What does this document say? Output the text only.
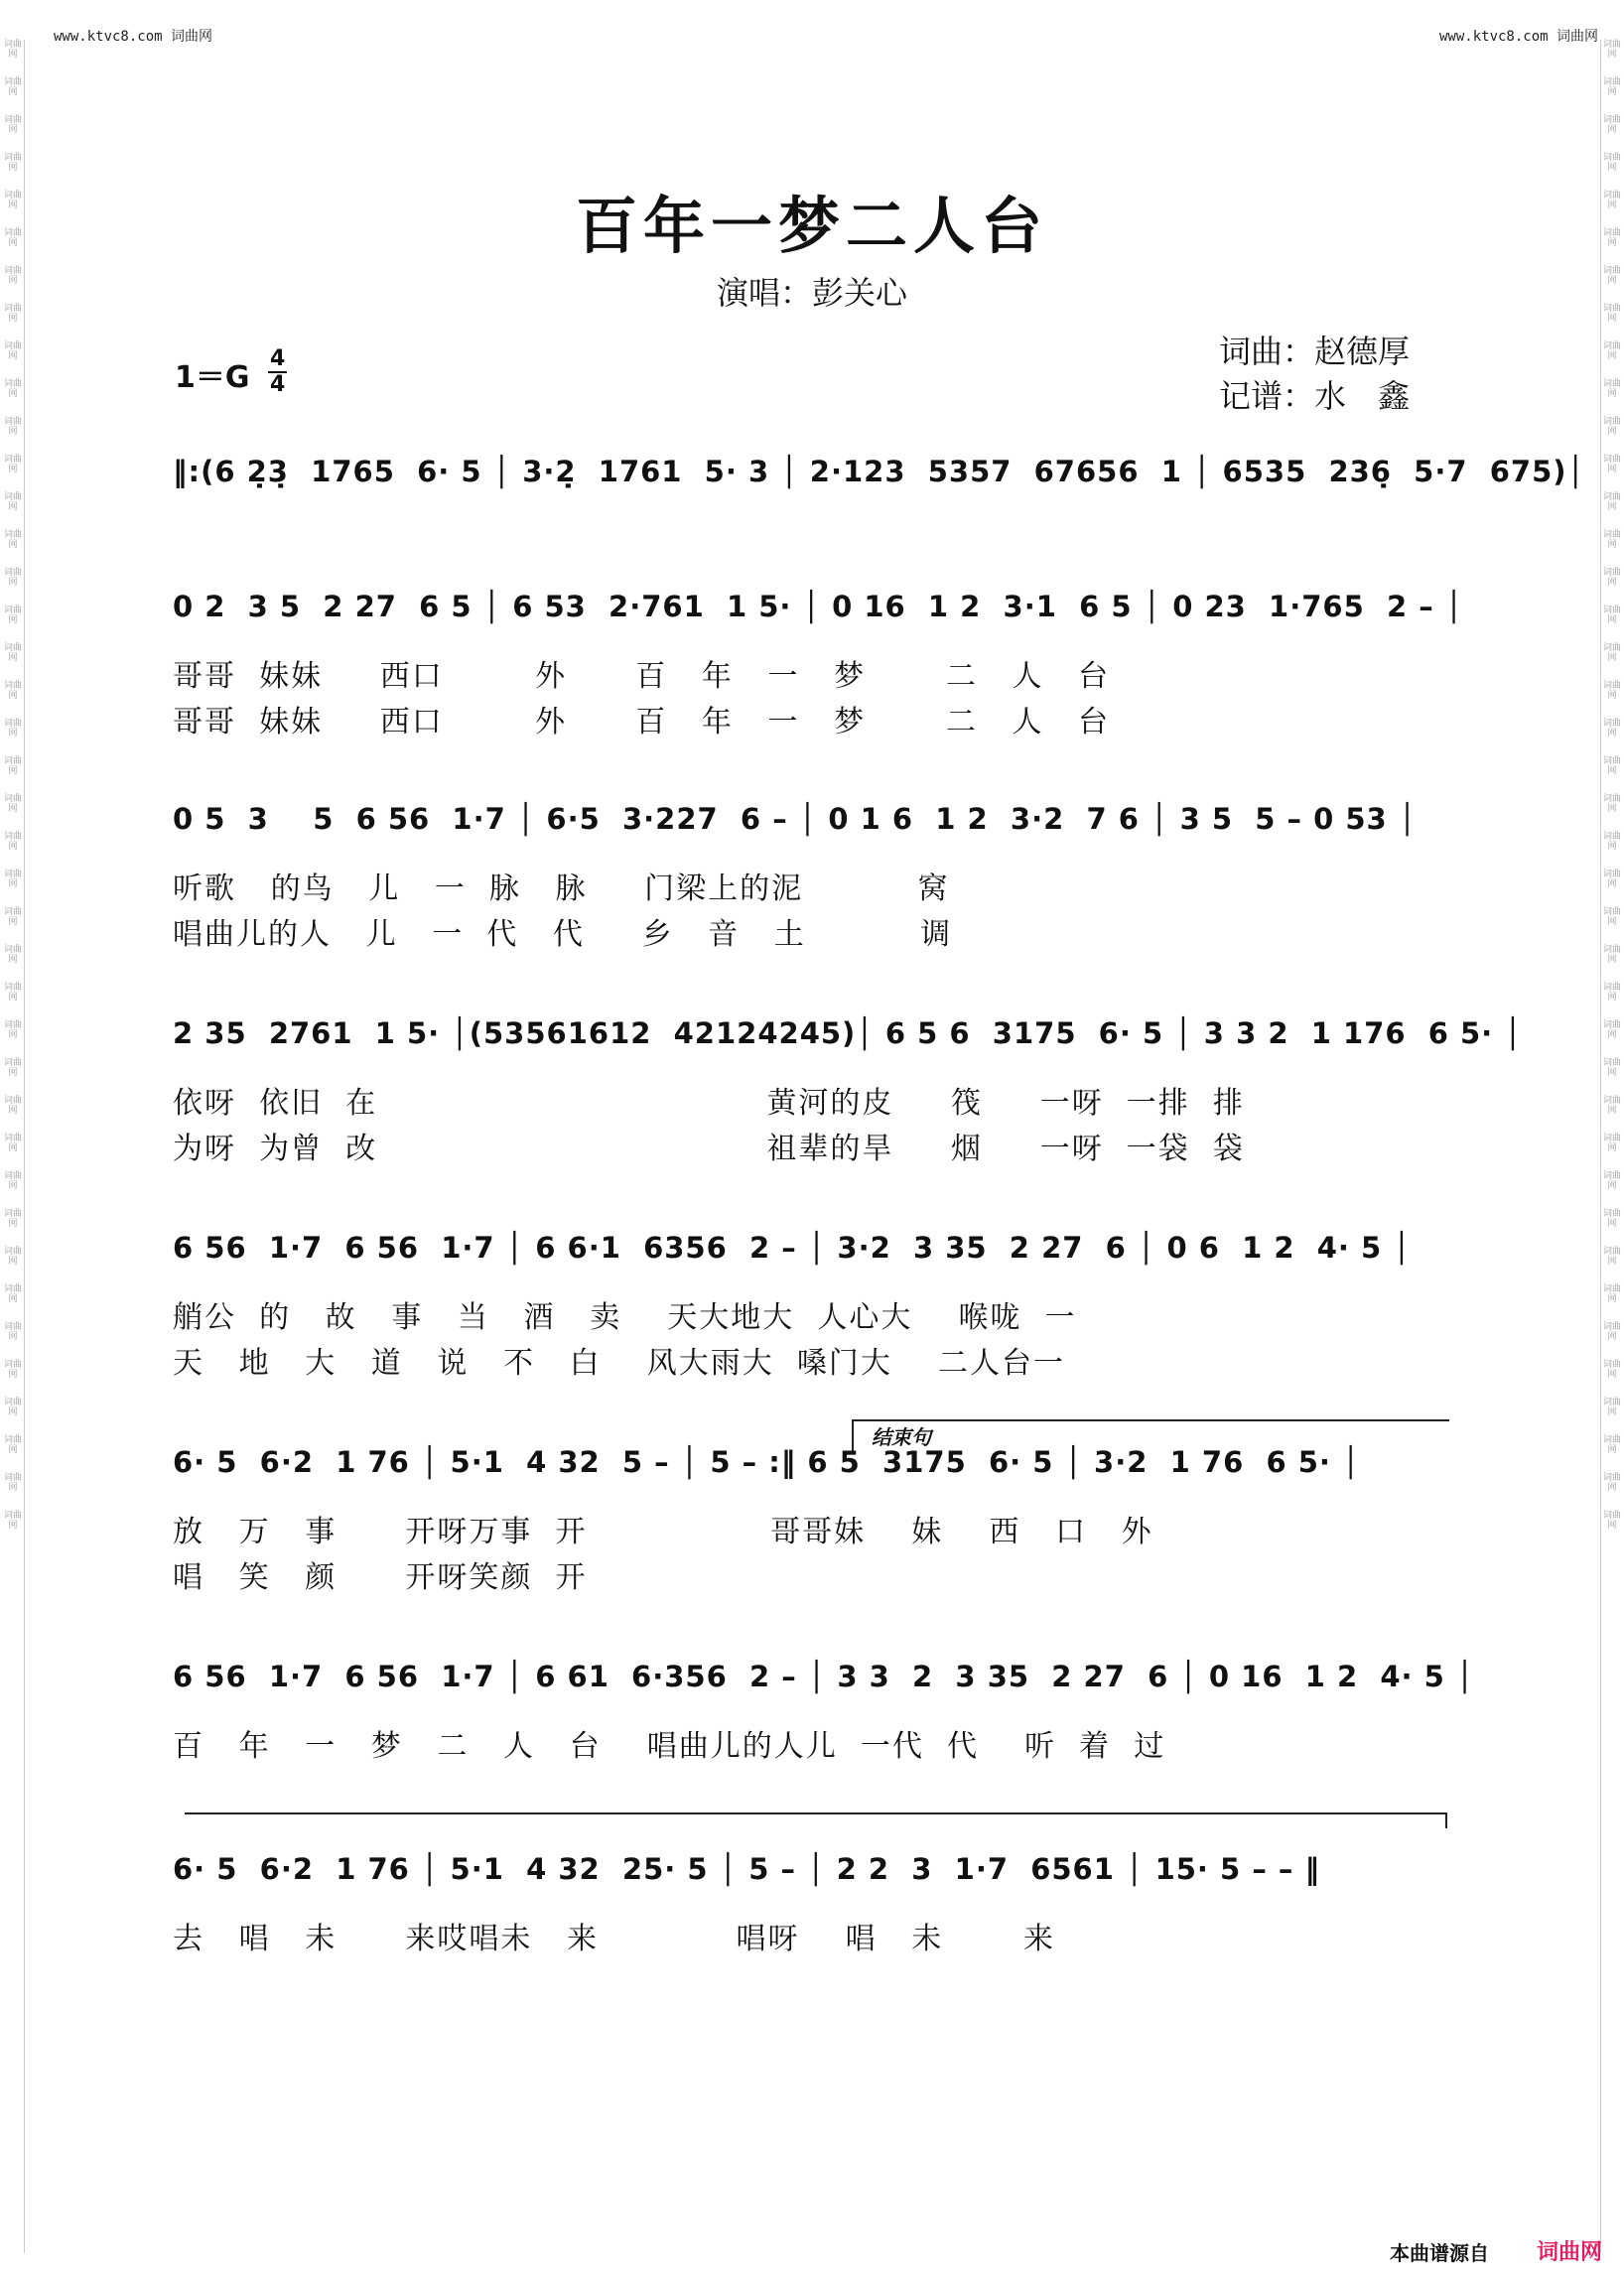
www.ktvc8.com 词曲网	www.ktvc8.com 词曲网
词曲网
词曲网
词曲网
词曲网
词曲网
词曲网
词曲网
词曲网
词曲网
词曲网
词曲网
词曲网
词曲网
词曲网
词曲网
词曲网
词曲网
词曲网
词曲网
词曲网
词曲网
词曲网
词曲网
词曲网
词曲网
词曲网
词曲网
词曲网
词曲网
词曲网
词曲网
词曲网
词曲网
词曲网
词曲网
词曲网
词曲网
词曲网
词曲网
词曲网
词曲网
词曲网
词曲网
词曲网
词曲网
词曲网
词曲网
词曲网
词曲网
词曲网
词曲网
词曲网
词曲网
词曲网
词曲网
词曲网
词曲网
词曲网
词曲网
词曲网
词曲网
词曲网
词曲网
词曲网
词曲网
词曲网
词曲网
词曲网
词曲网
词曲网
词曲网
词曲网
词曲网
词曲网
词曲网
词曲网
词曲网
词曲网
词曲网
词曲网
百年一梦二人台
演唱：彭关心
1＝G
4
4
词曲：赵德厚
记谱：水　鑫
‖:(6 2̣3̣  1765  6· 5 │ 3·2̣  1761  5· 3 │ 2·123  5357  67656  1 │ 6535  236̣  5·7  675)│
0 2  3 5  2 27  6 5 │ 6 53  2·761  1 5· │ 0 16  1 2  3·1  6 5 │ 0 23  1·765  2 – │
哥哥  妹妹     西口        外      百   年   一   梦       二   人   台
哥哥  妹妹     西口        外      百   年   一   梦       二   人   台
0 5  3    5  6 56  1·7 │ 6·5  3·227  6 – │ 0 1 6  1 2  3·2  7 6 │ 3 5  5 – 0 53 │
听歌   的鸟   儿   一  脉   脉     门梁上的泥          窝
唱曲儿的人   儿   一  代   代     乡   音   土          调
2 35  2761  1 5· │(53561612  42124245)│ 6 5 6  3175  6· 5 │ 3 3 2  1 176  6 5· │
依呀  依旧  在                                  黄河的皮     筏     一呀  一排  排
为呀  为曾  改                                  祖辈的旱     烟     一呀  一袋  袋
6 56  1·7  6 56  1·7 │ 6 6·1  6356  2 – │ 3·2  3 35  2 27  6 │ 0 6  1 2  4· 5 │
艄公  的   故   事   当   酒   卖    天大地大  人心大    喉咙  一
天   地   大   道   说   不   白    风大雨大  嗓门大    二人台一
6· 5  6·2  1 76 │ 5·1  4 32  5 – │ 5 – :‖ 6 5  3175  6· 5 │ 3·2  1 76  6 5· │
放   万   事      开呀万事  开                哥哥妹    妹    西   口   外
唱   笑   颜      开呀笑颜  开
6 56  1·7  6 56  1·7 │ 6 61  6·356  2 – │ 3 3  2  3 35  2 27  6 │ 0 16  1 2  4· 5 │
百   年   一   梦   二   人   台    唱曲儿的人儿  一代  代    听  着  过
6· 5  6·2  1 76 │ 5·1  4 32  25· 5 │ 5 – │ 2 2  3  1·7  6561 │ 15· 5 – – ‖
去   唱   未      来哎唱未   来            唱呀    唱   未       来
结束句
本曲谱源自 词曲网
